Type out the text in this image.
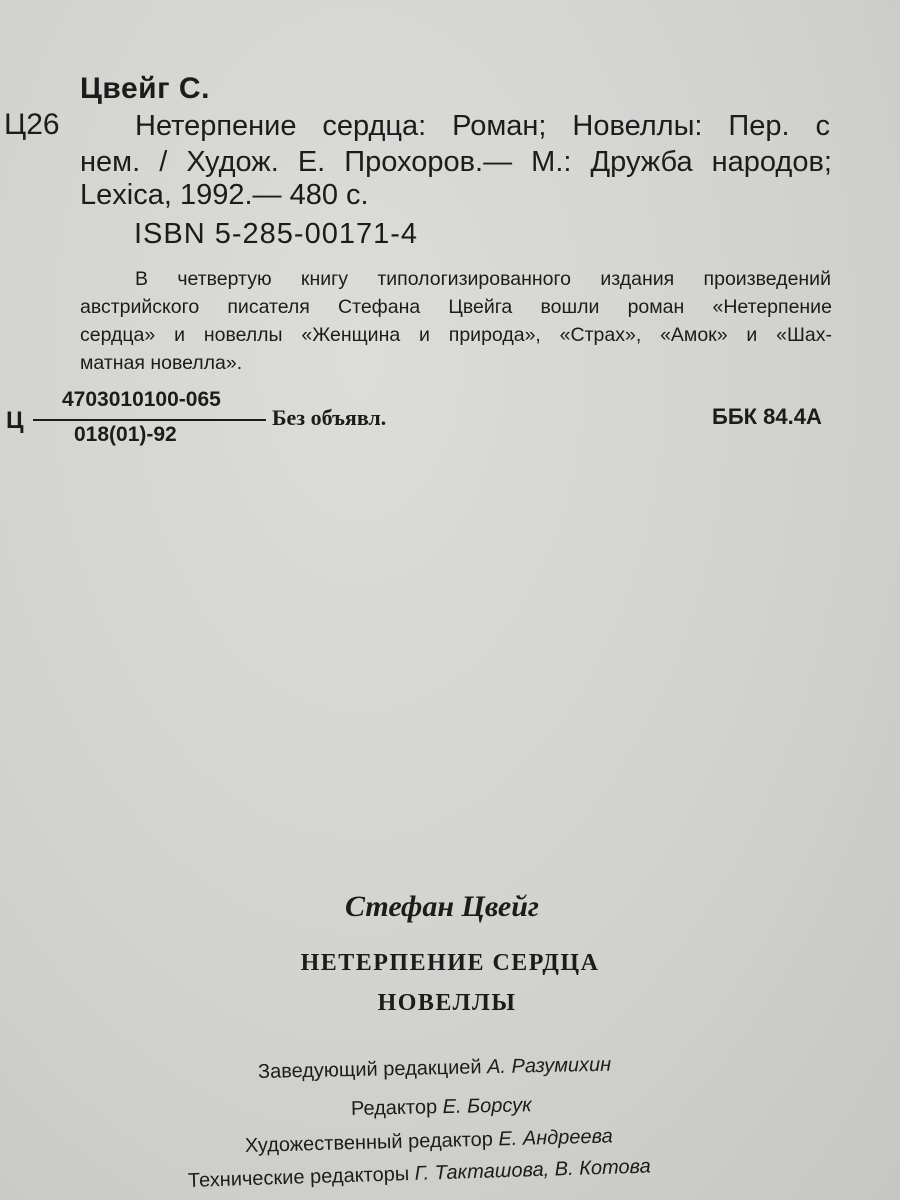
Цвейг С.

Ц26	Нетерпение сердца: Роман; Новеллы: Пер. с
нем. / Худож. Е. Прохоров.— М.: Дружба народов;

Lexica, 1992.— 480 с.

ISBN 5-285-00171-4

В четвертую книгу типологизированного издания произведений
австрийского писателя Стефана Цвейга вошли роман «Нетерпение
сердца» и новеллы «Женщина и природа», «Страх», «Амок» и «Шах-

матная новелла».

Ц

4703010100-065

018(01)-92

Без объявл.	ББК 84.4А

Стефан Цвейг

НЕТЕРПЕНИЕ СЕРДЦА

НОВЕЛЛЫ

Заведующий редакцией А. Разумихин

Редактор Е. Борсук

Художественный редактор Е. Андреева

Технические редакторы Г. Такташова, В. Котова
